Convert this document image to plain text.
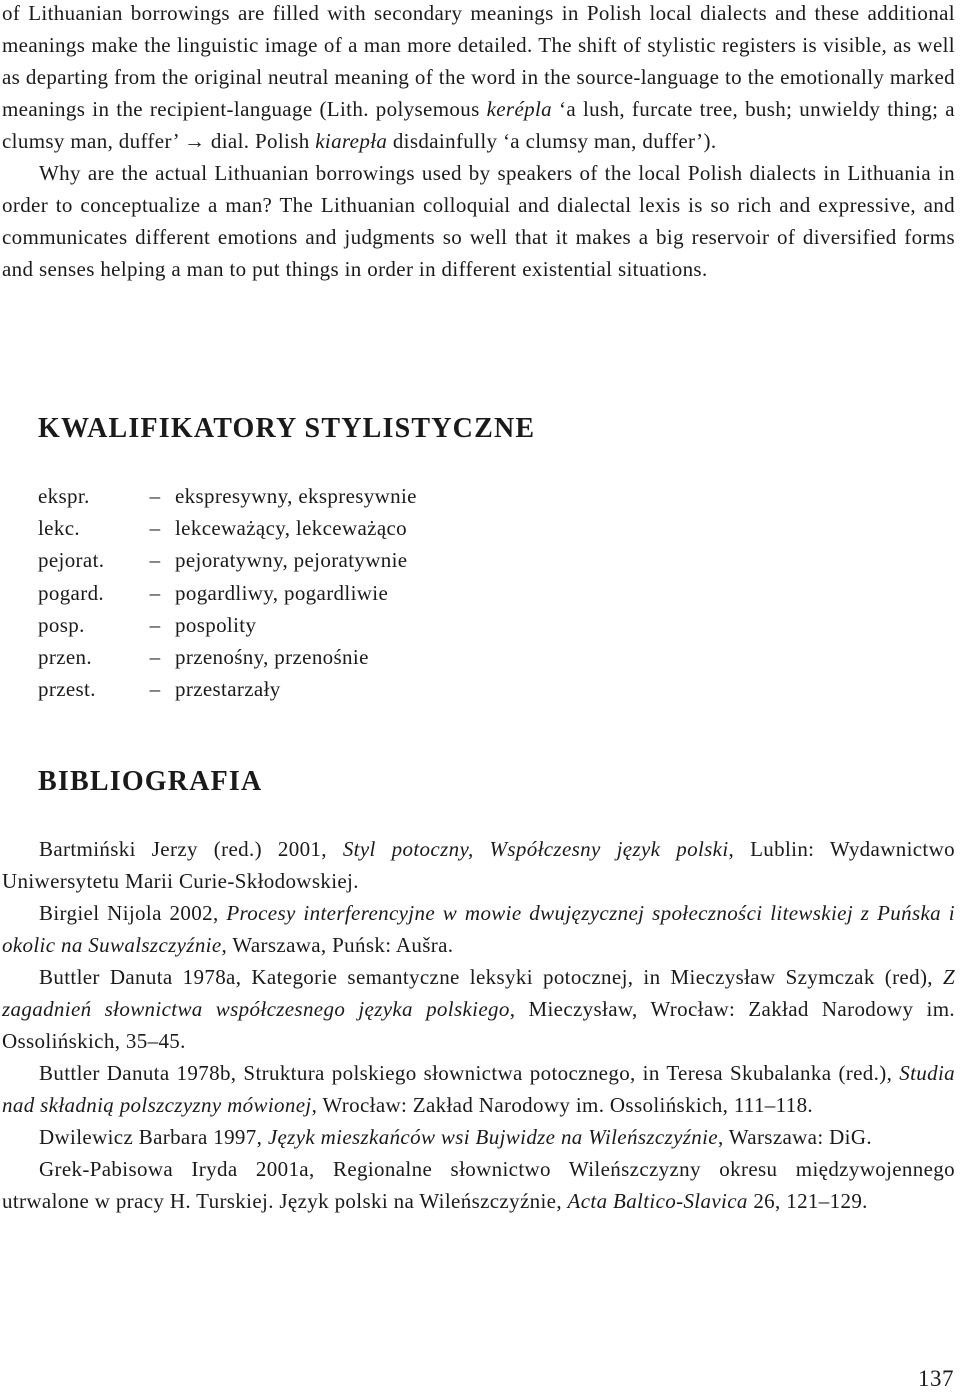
of Lithuanian borrowings are filled with secondary meanings in Polish local dialects and these additional meanings make the linguistic image of a man more detailed. The shift of stylistic registers is visible, as well as departing from the original neutral meaning of the word in the source-language to the emotionally marked meanings in the recipient-language (Lith. polysemous kerépla ‘a lush, furcate tree, bush; unwieldy thing; a clumsy man, duffer’ → dial. Polish kiarepła disdainfully ‘a clumsy man, duffer’).

Why are the actual Lithuanian borrowings used by speakers of the local Polish dialects in Lithuania in order to conceptualize a man? The Lithuanian colloquial and dialectal lexis is so rich and expressive, and communicates different emotions and judgments so well that it makes a big reservoir of diversified forms and senses helping a man to put things in order in different existential situations.

KWALIFIKATORY STYLISTYCZNE
ekspr.	– ekspresywny, ekspresywnie
lekc.	– lekceważący, lekceważąco
pejorat.	– pejoratywny, pejoratywnie
pogard.	– pogardliwy, pogardliwie
posp.	– pospolity
przen.	– przenośny, przenośnie
przest.	– przestarzały
BIBLIOGRAFIA

Bartmiński Jerzy (red.) 2001, Styl potoczny, Współczesny język polski, Lublin: Wydawnictwo Uniwersytetu Marii Curie-Skłodowskiej.

Birgiel Nijola 2002, Procesy interferencyjne w mowie dwujęzycznej społeczności litewskiej z Puńska i okolic na Suwalszczyźnie, Warszawa, Puńsk: Aušra.

Buttler Danuta 1978a, Kategorie semantyczne leksyki potocznej, in Mieczysław Szymczak (red), Z zagadnień słownictwa współczesnego języka polskiego, Mieczysław, Wrocław: Zakład Narodowy im. Ossolińskich, 35–45.

Buttler Danuta 1978b, Struktura polskiego słownictwa potocznego, in Teresa Skubalanka (red.), Studia nad składnią polszczyzny mówionej, Wrocław: Zakład Narodowy im. Ossolińskich, 111–118.

Dwilewicz Barbara 1997, Język mieszkańców wsi Bujwidze na Wileńszczyźnie, Warszawa: DiG.

Grek-Pabisowa Iryda 2001a, Regionalne słownictwo Wileńszczyzny okresu międzywojennego utrwalone w pracy H. Turskiej. Język polski na Wileńszczyźnie, Acta Baltico-Slavica 26, 121–129.

137
